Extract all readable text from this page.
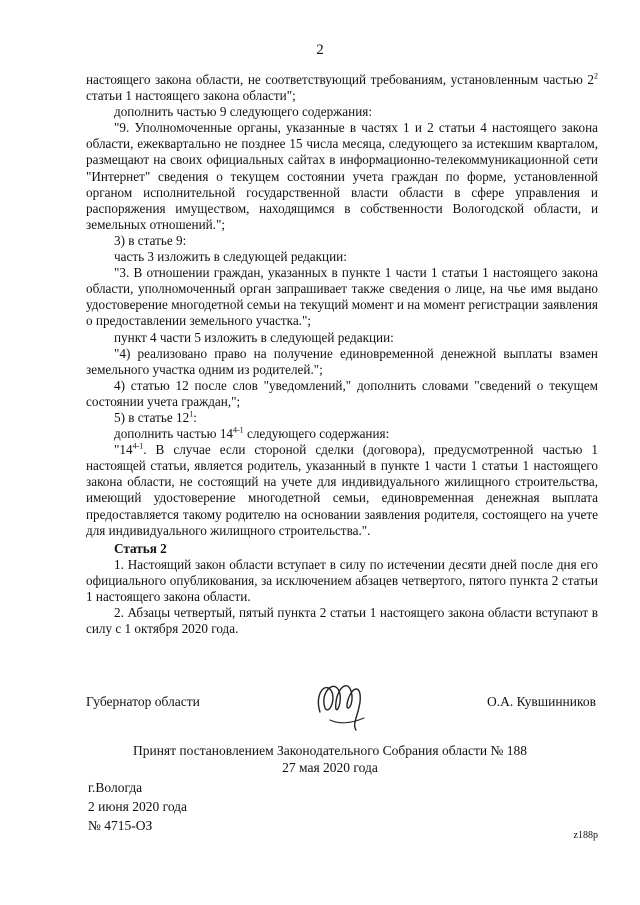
2

настоящего закона области, не соответствующий требованиям, установленным частью $2^2$ статьи 1 настоящего закона области";

дополнить частью 9 следующего содержания:

"9. Уполномоченные органы, указанные в частях 1 и 2 статьи 4 настоящего закона области, ежеквартально не позднее 15 числа месяца, следующего за истекшим кварталом, размещают на своих официальных сайтах в информационно-телекоммуникационной сети "Интернет" сведения о текущем состоянии учета граждан по форме, установленной органом исполнительной государственной власти области в сфере управления и распоряжения имуществом, находящимся в собственности Вологодской области, и земельных отношений.";

3) в статье 9:

часть 3 изложить в следующей редакции:

"3. В отношении граждан, указанных в пункте 1 части 1 статьи 1 настоящего закона области, уполномоченный орган запрашивает также сведения о лице, на чье имя выдано удостоверение многодетной семьи на текущий момент и на момент регистрации заявления о предоставлении земельного участка.";

пункт 4 части 5 изложить в следующей редакции:

"4) реализовано право на получение единовременной денежной выплаты взамен земельного участка одним из родителей.";

4) статью 12 после слов "уведомлений," дополнить словами "сведений о текущем состоянии учета граждан,";

5) в статье $12^1$:

дополнить частью 14$^{4-1}$ следующего содержания:

"14$^{4-1}$. В случае если стороной сделки (договора), предусмотренной частью 1 настоящей статьи, является родитель, указанный в пункте 1 части 1 статьи 1 настоящего закона области, не состоящий на учете для индивидуального жилищного строительства, имеющий удостоверение многодетной семьи, единовременная денежная выплата предоставляется такому родителю на основании заявления родителя, состоящего на учете для индивидуального жилищного строительства.".

Статья 2

1. Настоящий закон области вступает в силу по истечении десяти дней после дня его официального опубликования, за исключением абзацев четвертого, пятого пункта 2 статьи 1 настоящего закона области.

2. Абзацы четвертый, пятый пункта 2 статьи 1 настоящего закона области вступают в силу с 1 октября 2020 года.

Губернатор области	О.А. Кувшинников
Принят постановлением Законодательного Собрания области № 188
27 мая 2020 года
г.Вологда
2 июня 2020 года
№ 4715-ОЗ
z188p
